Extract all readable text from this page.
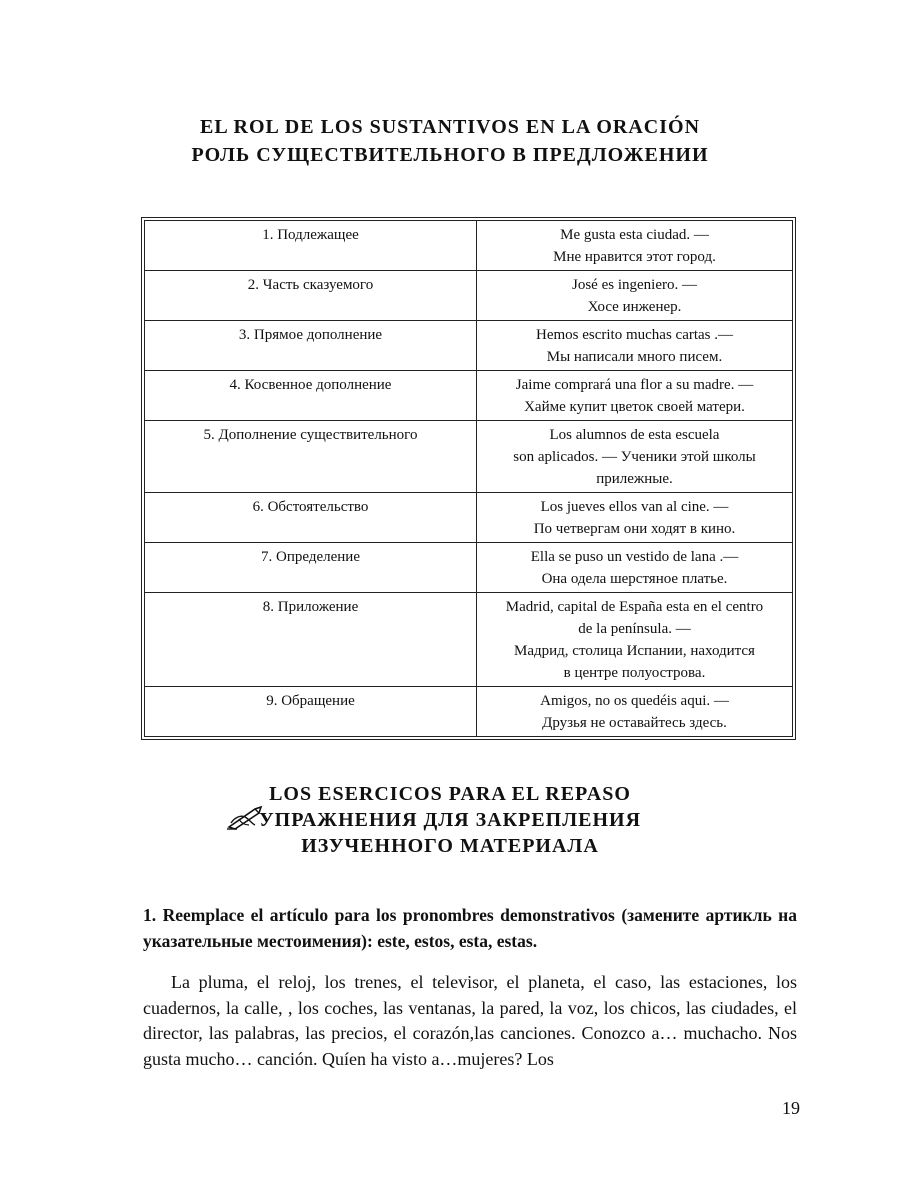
EL ROL DE LOS SUSTANTIVOS EN LA ORACIÓN
РОЛЬ СУЩЕСТВИТЕЛЬНОГО В ПРЕДЛОЖЕНИИ
1. Подлежащее	Me gusta esta ciudad. —
Мне нравится этот город.

2. Часть сказуемого	José es ingeniero. —
Хосе инженер.

3. Прямое дополнение	Hemos escrito muchas cartas .—
Мы написали много писем.

4. Косвенное дополнение	Jaime comprará una flor a su madre. —
Хайме купит цветок своей матери.

5. Дополнение существительного	Los alumnos de esta escuela
son aplicados. — Ученики этой школы
прилежные.

6. Обстоятельство	Los jueves ellos van al cine. —
По четвергам они ходят в кино.

7. Определение	Ella se puso un vestido de lana .—
Она одела шерстяное платье.

8. Приложение	Madrid, capital de España esta en el centro
de la península. —
Мадрид, столица Испании, находится
в центре полуострова.

9. Обращение	Amigos, no os quedéis aqui. —
Друзья не оставайтесь здесь.
LOS ESERCICOS PARA EL REPASO
УПРАЖНЕНИЯ ДЛЯ ЗАКРЕПЛЕНИЯ
ИЗУЧЕННОГО МАТЕРИАЛА
1. Reemplace el artículo para los pronombres demonstrativos (замените артикль на указательные местоимения): este, estos, esta, estas.
La pluma, el reloj, los trenes, el televisor, el planeta, el caso, las estaciones, los cuadernos, la calle, , los coches, las ventanas, la pared, la voz, los chicos, las ciudades, el director, las palabras, las precios, el corazón,las canciones. Conozco a… muchacho. Nos gusta mucho… canción. Quíen ha visto a…mujeres? Los
19
